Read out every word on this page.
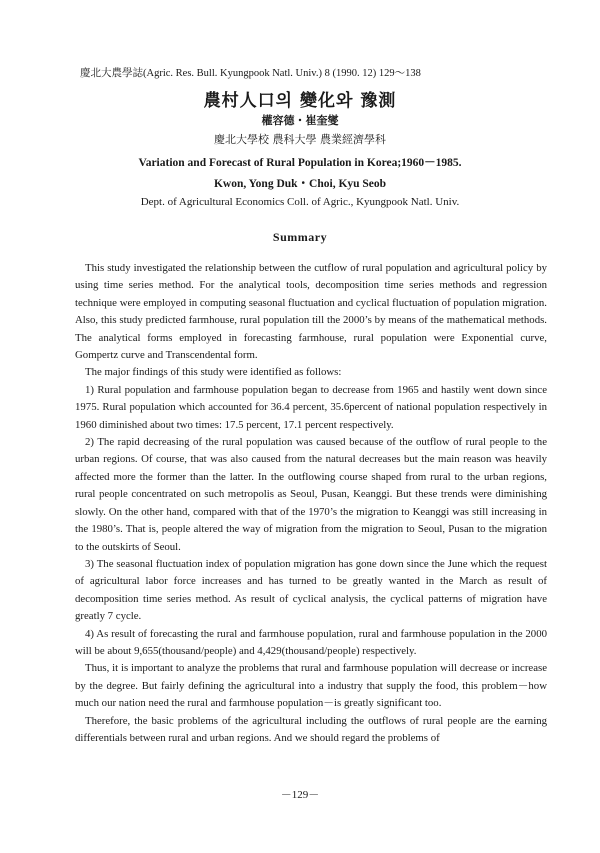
慶北大農學誌(Agric. Res. Bull. Kyungpook Natl. Univ.) 8 (1990. 12) 129～138
農村人口의 變化와 豫測
權容德・崔奎燮
慶北大學校 農科大學 農業經濟學科
Variation and Forecast of Rural Population in Korea;1960－1985.
Kwon, Yong Duk・Choi, Kyu Seob
Dept. of Agricultural Economics Coll. of Agric., Kyungpook Natl. Univ.
Summary

This study investigated the relationship between the cutflow of rural population and agricultural policy by using time series method. For the analytical tools, decomposition time series methods and regression technique were employed in computing seasonal fluctuation and cyclical fluctuation of population migration. Also, this study predicted farmhouse, rural population till the 2000’s by means of the mathematical methods. The analytical forms employed in forecasting farmhouse, rural population were Exponential curve, Gompertz curve and Transcendental form.

The major findings of this study were identified as follows:

1) Rural population and farmhouse population began to decrease from 1965 and hastily went down since 1975. Rural population which accounted for 36.4 percent, 35.6percent of national population respectively in 1960 diminished about two times: 17.5 percent, 17.1 percent respectively.

2) The rapid decreasing of the rural population was caused because of the outflow of rural people to the urban regions. Of course, that was also caused from the natural decreases but the main reason was heavily affected more the former than the latter. In the outflowing course shaped from rural to the urban regions, rural people concentrated on such metropolis as Seoul, Pusan, Keanggi. But these trends were diminishing slowly. On the other hand, compared with that of the 1970’s the migration to Keanggi was still increasing in the 1980’s. That is, people altered the way of migration from the migration to Seoul, Pusan to the migration to the outskirts of Seoul.

3) The seasonal fluctuation index of population migration has gone down since the June which the request of agricultural labor force increases and has turned to be greatly wanted in the March as result of decomposition time series method. As result of cyclical analysis, the cyclical patterns of migration have greatly 7 cycle.

4) As result of forecasting the rural and farmhouse population, rural and farmhouse population in the 2000 will be about 9,655(thousand/people) and 4,429(thousand/people) respectively.

Thus, it is important to analyze the problems that rural and farmhouse population will decrease or increase by the degree. But fairly defining the agricultural into a industry that supply the food, this problem－how much our nation need the rural and farmhouse population－is greatly significant too.

Therefore, the basic problems of the agricultural including the outflows of rural people are the earning differentials between rural and urban regions. And we should regard the problems of

－129－
